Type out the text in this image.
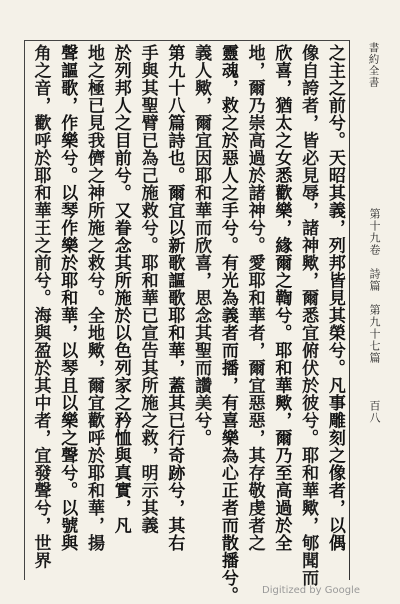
書約全書
第十九卷
詩篇
第九十七篇
百八
之主之前兮。天昭其義，列邦皆見其榮兮。凡事雕刻之像者，以偶
像自誇者，皆必見辱，諸神歟，爾悉宜俯伏於彼兮。耶和華歟，郇聞而
欣喜，猶太之女悉歡樂，緣爾之鞫兮。耶和華歟，爾乃至高過於全
地，爾乃崇高過於諸神兮。愛耶和華者，爾宜惡惡，其存敬虔者之
靈魂，救之於惡人之手兮。有光為義者而播，有喜樂為心正者而散播兮。
義人歟，爾宜因耶和華而欣喜，思念其聖而讚美兮。
第九十八篇詩也。爾宜以新歌謳歌耶和華，蓋其已行奇跡兮，其右
手與其聖臂已為己施救兮。耶和華已宣告其所施之救，明示其義
於列邦人之目前兮。又眷念其所施於以色列家之矜恤與真實，凡
地之極已見我儕之神所施之救兮。全地歟，爾宜歡呼於耶和華，揚
聲謳歌，作樂兮。以琴作樂於耶和華，以琴且以樂之聲兮。以號與
角之音，歡呼於耶和華王之前兮。海與盈於其中者，宜發聲兮，世界
Digitized by Google
